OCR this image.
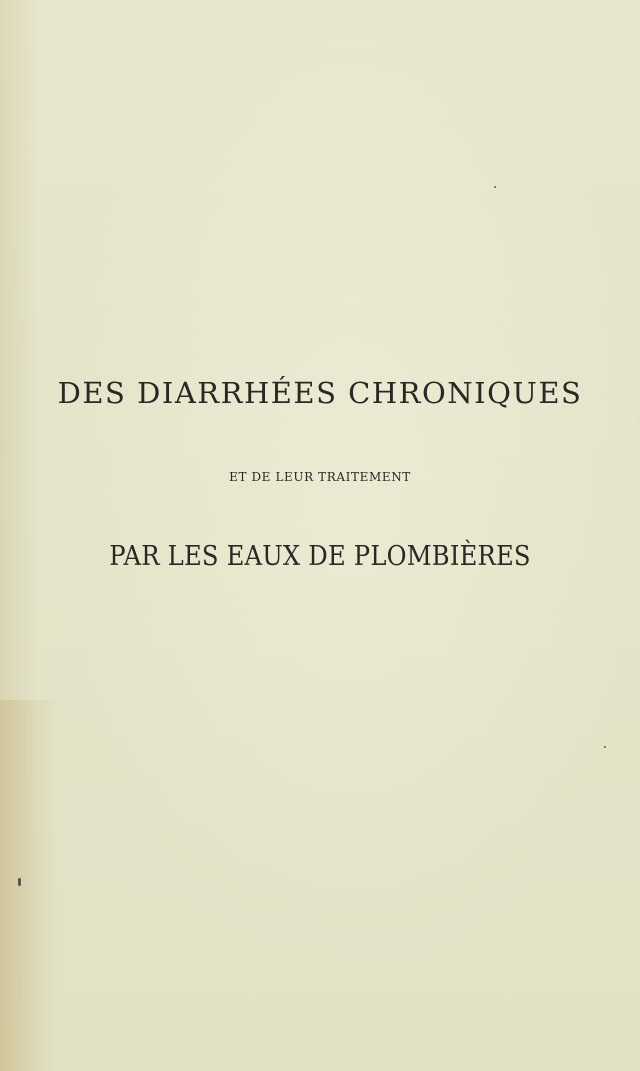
DES DIARRHÉES CHRONIQUES
ET DE LEUR TRAITEMENT
PAR LES EAUX DE PLOMBIÈRES
